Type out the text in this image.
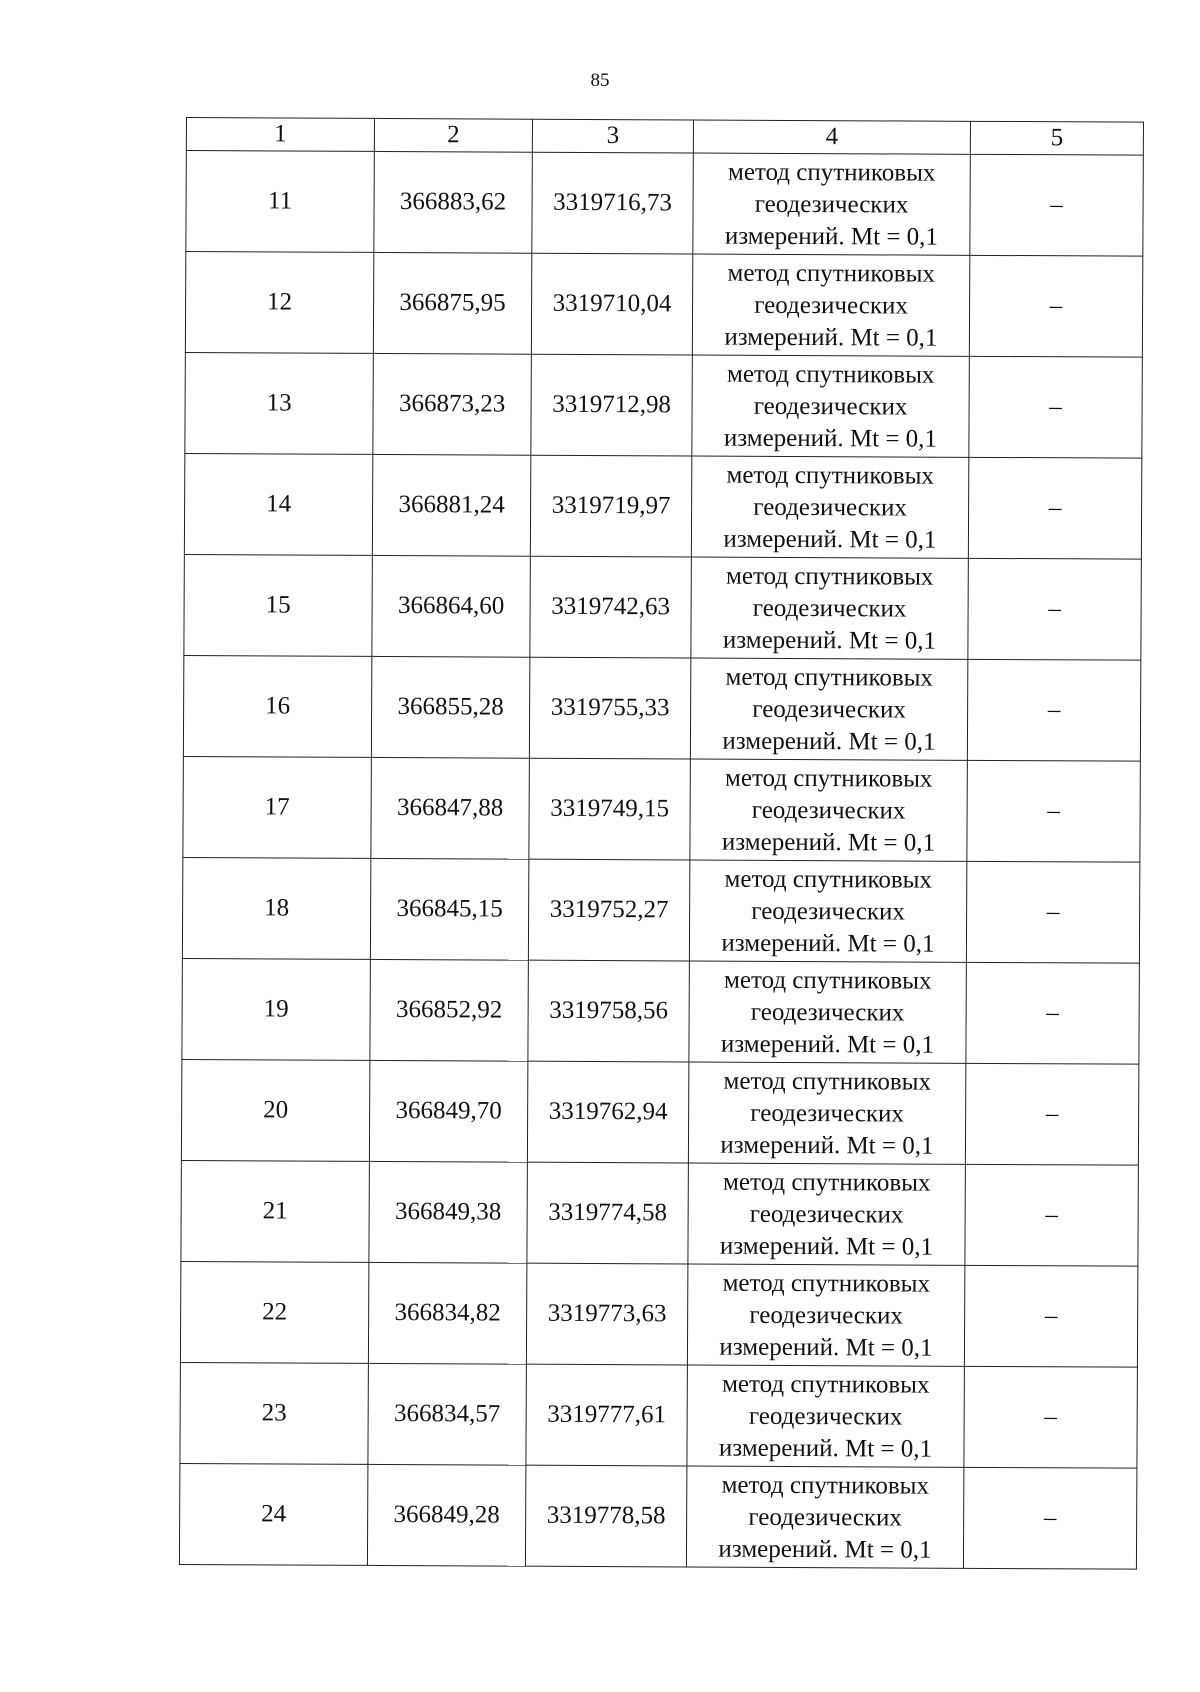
85
1	2	3	4	5
11	366883,62	3319716,73	метод спутниковых
геодезических
измерений. Mt = 0,1	–
12	366875,95	3319710,04	метод спутниковых
геодезических
измерений. Mt = 0,1	–
13	366873,23	3319712,98	метод спутниковых
геодезических
измерений. Mt = 0,1	–
14	366881,24	3319719,97	метод спутниковых
геодезических
измерений. Mt = 0,1	–
15	366864,60	3319742,63	метод спутниковых
геодезических
измерений. Mt = 0,1	–
16	366855,28	3319755,33	метод спутниковых
геодезических
измерений. Mt = 0,1	–
17	366847,88	3319749,15	метод спутниковых
геодезических
измерений. Mt = 0,1	–
18	366845,15	3319752,27	метод спутниковых
геодезических
измерений. Mt = 0,1	–
19	366852,92	3319758,56	метод спутниковых
геодезических
измерений. Mt = 0,1	–
20	366849,70	3319762,94	метод спутниковых
геодезических
измерений. Mt = 0,1	–
21	366849,38	3319774,58	метод спутниковых
геодезических
измерений. Mt = 0,1	–
22	366834,82	3319773,63	метод спутниковых
геодезических
измерений. Mt = 0,1	–
23	366834,57	3319777,61	метод спутниковых
геодезических
измерений. Mt = 0,1	–
24	366849,28	3319778,58	метод спутниковых
геодезических
измерений. Mt = 0,1	–
